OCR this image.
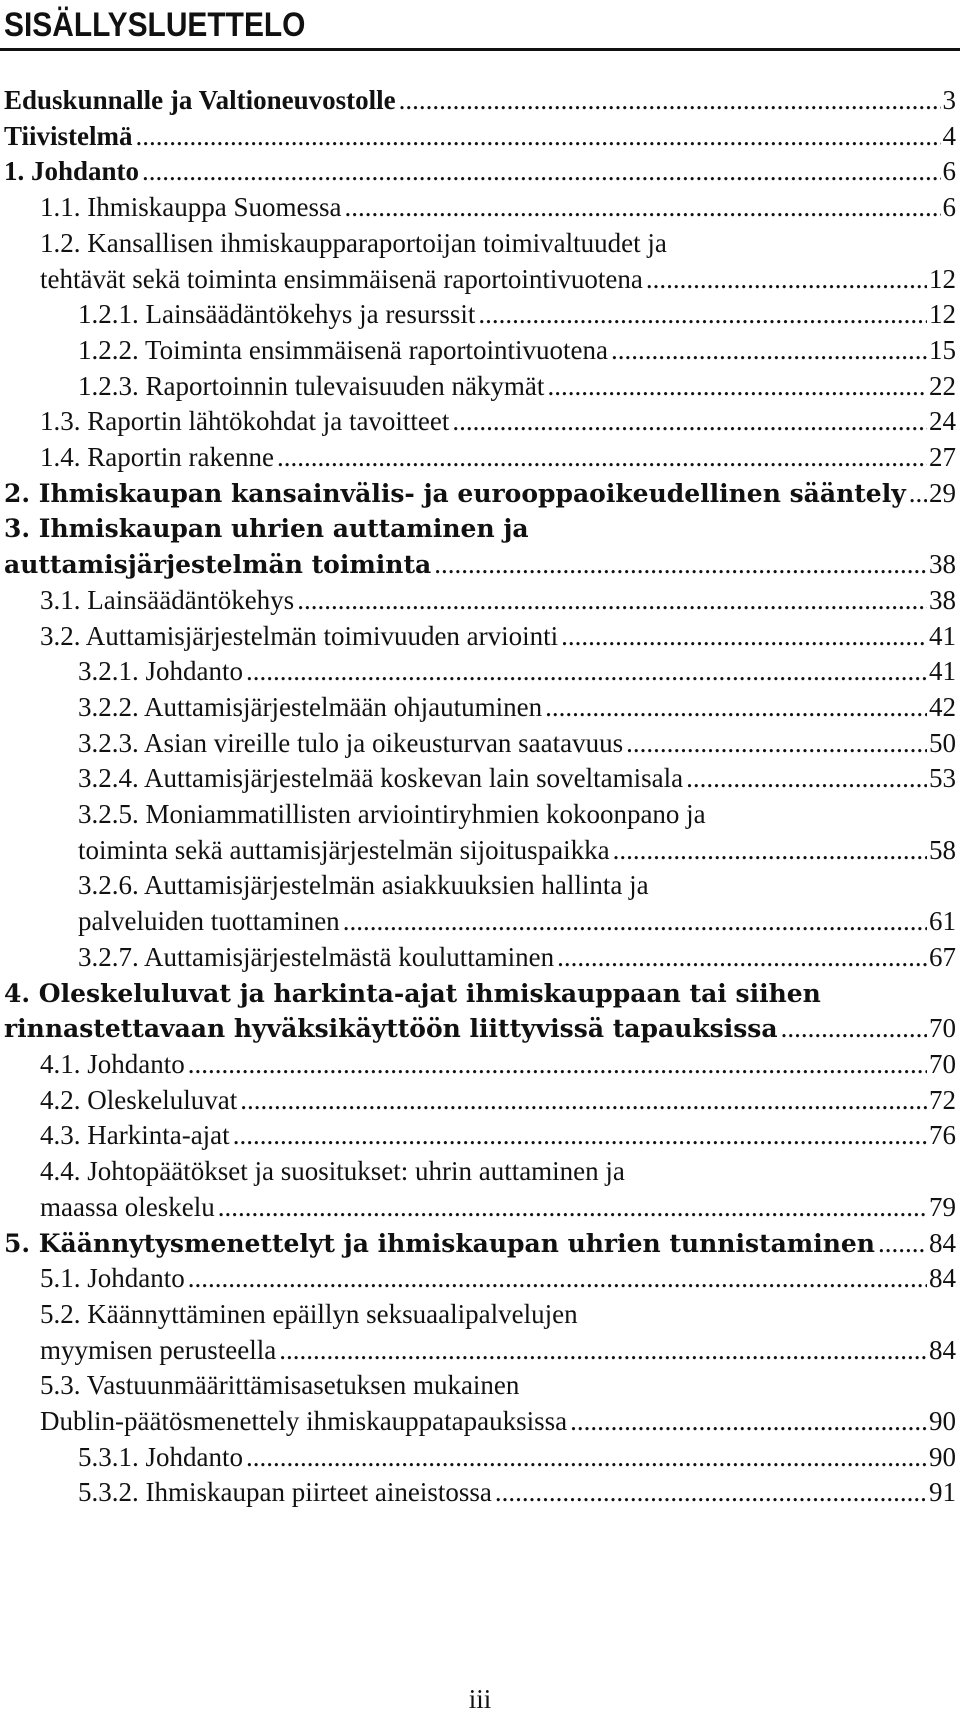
SISÄLLYSLUETTELO
Eduskunnalle ja Valtioneuvostolle .....	3
Tiivistelmä .....	4
1. Johdanto .....	6
1.1. Ihmiskauppa Suomessa .....	6
1.2. Kansallisen ihmiskaupparaportoijan toimivaltuudet ja
tehtävät sekä toiminta ensimmäisenä raportointivuotena .....	12
1.2.1. Lainsäädäntökehys ja resurssit .....	12
1.2.2. Toiminta ensimmäisenä raportointivuotena .....	15
1.2.3. Raportoinnin tulevaisuuden näkymät .....	22
1.3. Raportin lähtökohdat ja tavoitteet .....	24
1.4. Raportin rakenne .....	27
2. Ihmiskaupan kansainvälis- ja eurooppaoikeudellinen sääntely ..... 29
3. Ihmiskaupan uhrien auttaminen ja
auttamisjärjestelmän toiminta .....	38
3.1. Lainsäädäntökehys .....	38
3.2. Auttamisjärjestelmän toimivuuden arviointi .....	41
3.2.1. Johdanto .....	41
3.2.2. Auttamisjärjestelmään ohjautuminen .....	42
3.2.3. Asian vireille tulo ja oikeusturvan saatavuus .....	50
3.2.4. Auttamisjärjestelmää koskevan lain soveltamisala .....	53
3.2.5. Moniammatillisten arviointiryhmien kokoonpano ja
toiminta sekä auttamisjärjestelmän sijoituspaikka .....	58
3.2.6. Auttamisjärjestelmän asiakkuuksien hallinta ja
palveluiden tuottaminen .....	61
3.2.7. Auttamisjärjestelmästä kouluttaminen .....	67
4. Oleskeluluvat ja harkinta-ajat ihmiskauppaan tai siihen
rinnastettavaan hyväksikäyttöön liittyvissä tapauksissa .....	70
4.1. Johdanto .....	70
4.2. Oleskeluluvat .....	72
4.3. Harkinta-ajat .....	76
4.4. Johtopäätökset ja suositukset: uhrin auttaminen ja
maassa oleskelu .....	79
5. Käännytysmenettelyt ja ihmiskaupan uhrien tunnistaminen ..... 84
5.1. Johdanto .....	84
5.2. Käännyttäminen epäillyn seksuaalipalvelujen
myymisen perusteella .....	84
5.3. Vastuunmäärittämisasetuksen mukainen
Dublin-päätösmenettely ihmiskauppatapauksissa .....	90
5.3.1. Johdanto .....	90
5.3.2. Ihmiskaupan piirteet aineistossa .....	91
iii
